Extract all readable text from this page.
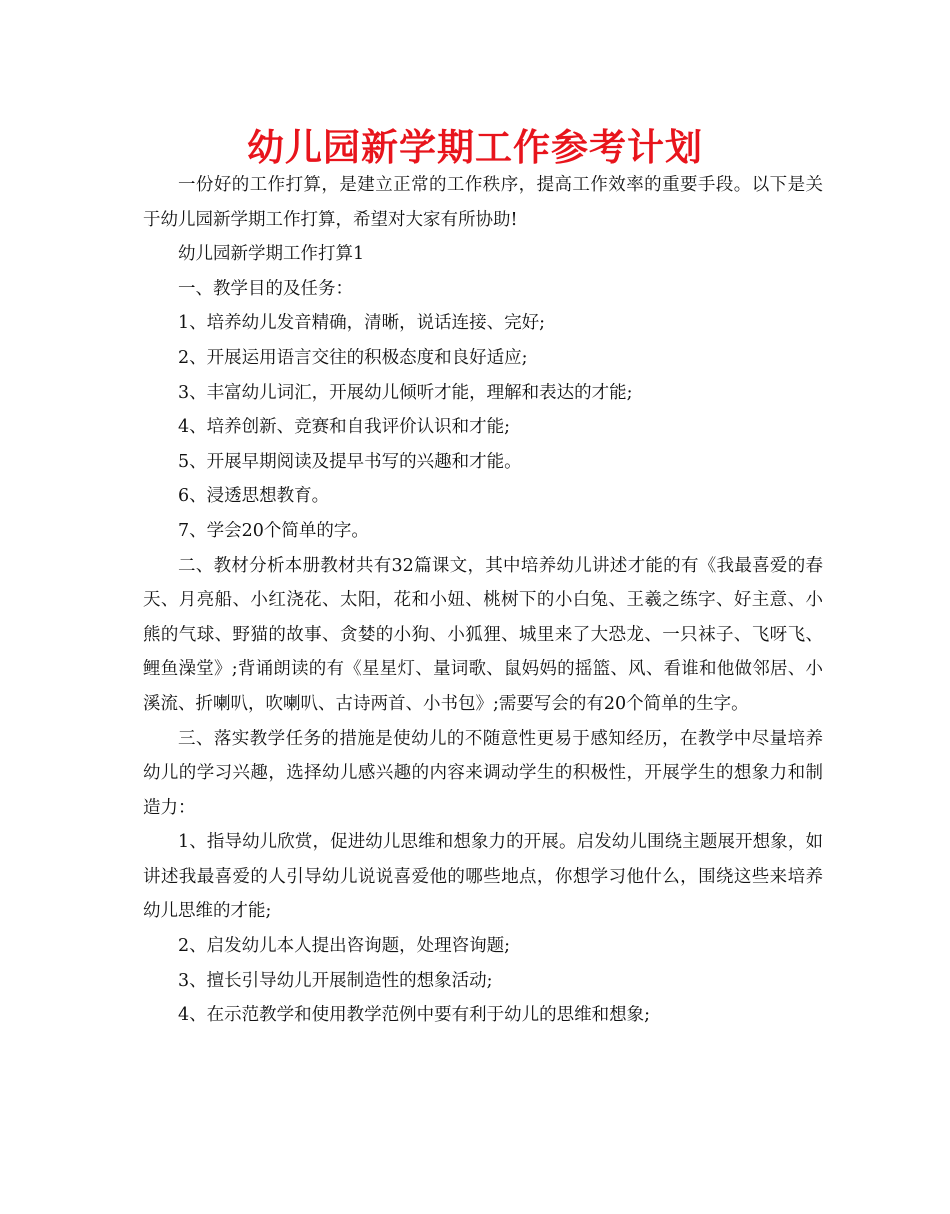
幼儿园新学期工作参考计划

一份好的工作打算，是建立正常的工作秩序，提高工作效率的重要手段。以下是关于幼儿园新学期工作打算，希望对大家有所协助!

幼儿园新学期工作打算1

一、教学目的及任务：

1、培养幼儿发音精确，清晰，说话连接、完好;

2、开展运用语言交往的积极态度和良好适应;

3、丰富幼儿词汇，开展幼儿倾听才能，理解和表达的才能;

4、培养创新、竞赛和自我评价认识和才能;

5、开展早期阅读及提早书写的兴趣和才能。

6、浸透思想教育。

7、学会20个简单的字。

二、教材分析本册教材共有32篇课文，其中培养幼儿讲述才能的有《我最喜爱的春天、月亮船、小红浇花、太阳，花和小妞、桃树下的小白兔、王羲之练字、好主意、小熊的气球、野猫的故事、贪婪的小狗、小狐狸、城里来了大恐龙、一只袜子、飞呀飞、鲤鱼澡堂》;背诵朗读的有《星星灯、量词歌、鼠妈妈的摇篮、风、看谁和他做邻居、小溪流、折喇叭，吹喇叭、古诗两首、小书包》;需要写会的有20个简单的生字。

三、落实教学任务的措施是使幼儿的不随意性更易于感知经历，在教学中尽量培养幼儿的学习兴趣，选择幼儿感兴趣的内容来调动学生的积极性，开展学生的想象力和制造力：

1、指导幼儿欣赏，促进幼儿思维和想象力的开展。启发幼儿围绕主题展开想象，如讲述我最喜爱的人引导幼儿说说喜爱他的哪些地点，你想学习他什么，围绕这些来培养幼儿思维的才能;

2、启发幼儿本人提出咨询题，处理咨询题;

3、擅长引导幼儿开展制造性的想象活动;

4、在示范教学和使用教学范例中要有利于幼儿的思维和想象;
